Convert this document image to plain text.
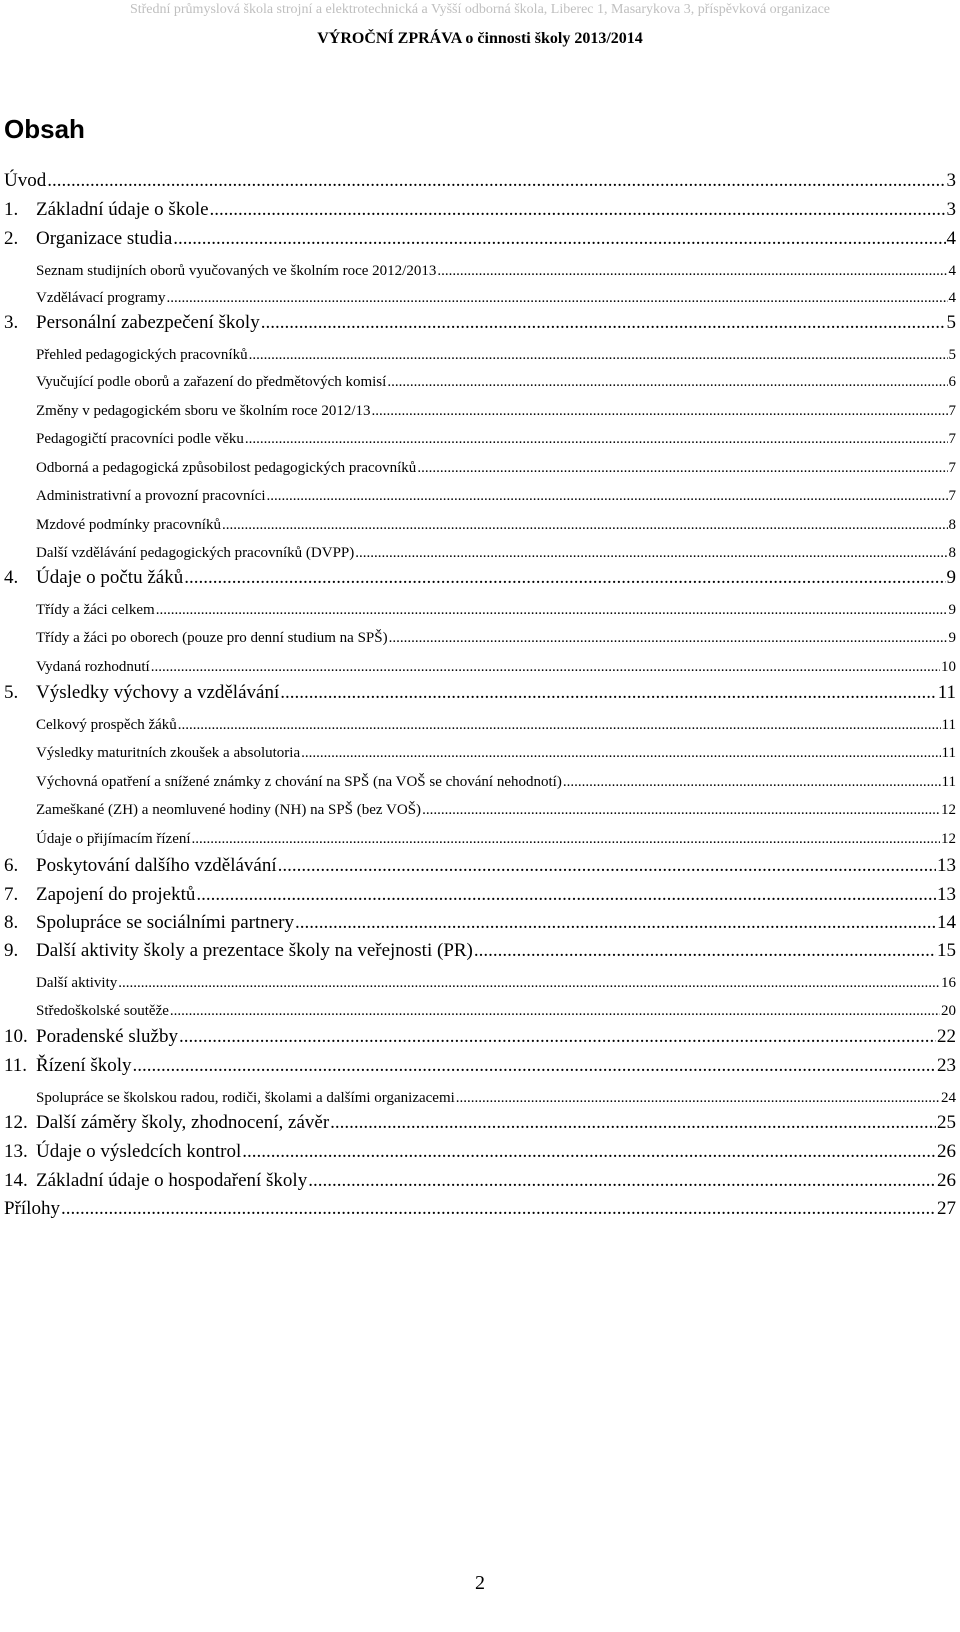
Střední průmyslová škola strojní a elektrotechnická a Vyšší odborná škola, Liberec 1, Masarykova 3, příspěvková organizace
VÝROČNÍ ZPRÁVA o činnosti školy 2013/2014
Obsah
Úvod .....	3
1. Základní údaje o škole .....	3
2. Organizace studia .....	4
Seznam studijních oborů vyučovaných ve školním roce 2012/2013 .....	4
Vzdělávací programy .....	4
3. Personální zabezpečení školy .....	5
Přehled pedagogických pracovníků .....	5
Vyučující podle oborů a zařazení do předmětových komisí .....	6
Změny v pedagogickém sboru ve školním roce 2012/13 .....	7
Pedagogičtí pracovníci podle věku .....	7
Odborná a pedagogická způsobilost pedagogických pracovníků .....	7
Administrativní a provozní pracovníci .....	7
Mzdové podmínky pracovníků .....	8
Další vzdělávání pedagogických pracovníků (DVPP) .....	8
4. Údaje o počtu žáků .....	9
Třídy a žáci celkem .....	9
Třídy a žáci po oborech (pouze pro denní studium na SPŠ) .....	9
Vydaná rozhodnutí .....	10
5. Výsledky výchovy a vzdělávání .....	11
Celkový prospěch žáků .....	11
Výsledky maturitních zkoušek a absolutoria .....	11
Výchovná opatření a snížené známky z chování na SPŠ (na VOŠ se chování nehodnotí) .....	11
Zameškané (ZH) a neomluvené hodiny (NH) na SPŠ (bez VOŠ) .....	12
Údaje o přijímacím řízení .....	12
6. Poskytování dalšího vzdělávání .....	13
7. Zapojení do projektů .....	13
8. Spolupráce se sociálními partnery .....	14
9. Další aktivity školy a prezentace školy na veřejnosti (PR) .....	15
Další aktivity .....	16
Středoškolské soutěže .....	20
10. Poradenské služby .....	22
11. Řízení školy .....	23
Spolupráce se školskou radou, rodiči, školami a dalšími organizacemi .....	24
12. Další záměry školy, zhodnocení, závěr .....	25
13. Údaje o výsledcích kontrol .....	26
14. Základní údaje o hospodaření školy .....	26
Přílohy .....	27
2
